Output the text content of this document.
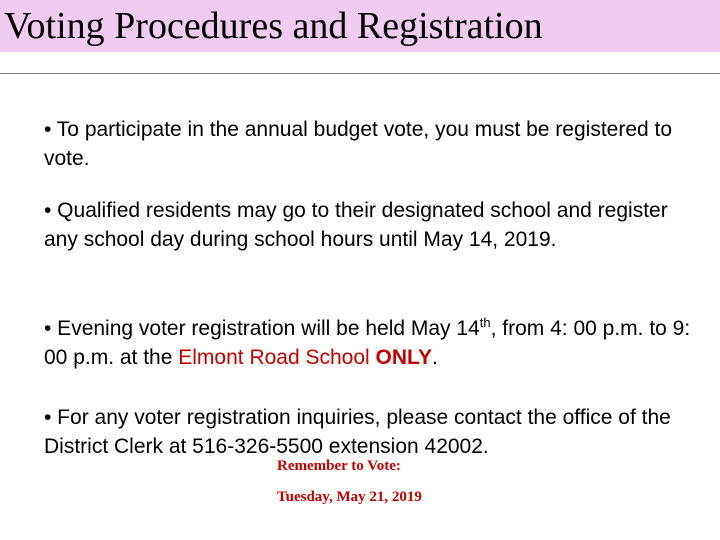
Voting Procedures and Registration

• To participate in the annual budget vote, you must be registered to vote.

• Qualified residents may go to their designated school and register any school day during school hours until May 14, 2019.

• Evening voter registration will be held May 14th, from 4: 00 p.m. to 9: 00 p.m. at the Elmont Road School ONLY.

• For any voter registration inquiries, please contact the office of the District Clerk at 516-326-5500 extension 42002.

Remember to Vote:

Tuesday, May 21, 2019
